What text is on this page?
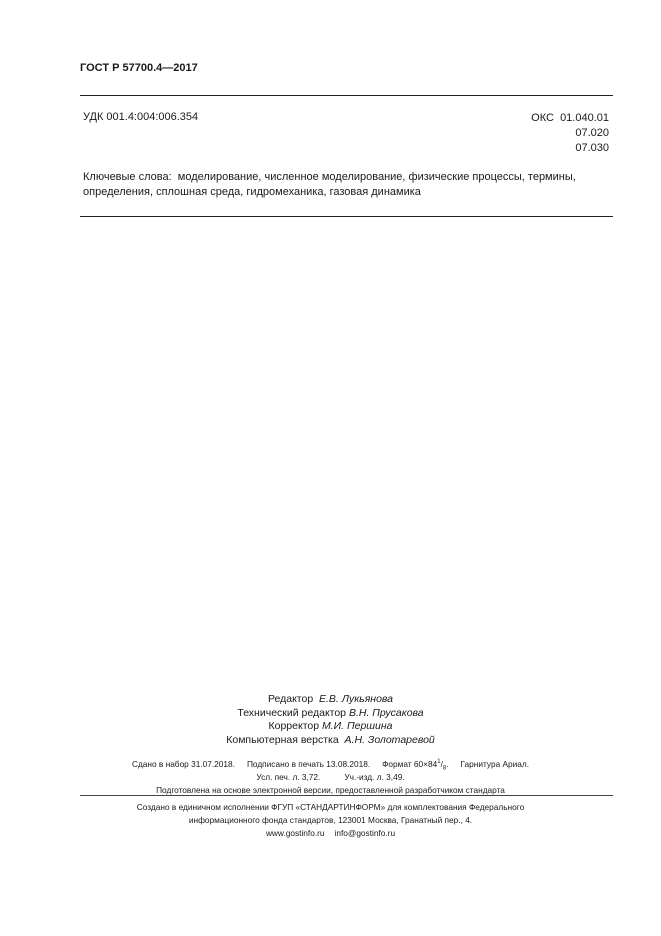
ГОСТ Р 57700.4—2017
УДК 001.4:004:006.354	ОКС 01.040.01
07.020
07.030
Ключевые слова: моделирование, численное моделирование, физические процессы, термины, определения, сплошная среда, гидромеханика, газовая динамика
Редактор Е.В. Лукьянова
Технический редактор В.Н. Прусакова
Корректор М.И. Першина
Компьютерная верстка А.Н. Золотаревой
Сдано в набор 31.07.2018. Подписано в печать 13.08.2018. Формат $60\times 84^1/_8$. Гарнитура Ариал.
Усл. печ. л. 3,72.	Уч.-изд. л. 3,49.
Подготовлена на основе электронной версии, предоставленной разработчиком стандарта
Создано в единичном исполнении ФГУП «СТАНДАРТИНФОРМ» для комплектования Федерального
информационного фонда стандартов, 123001 Москва, Гранатный пер., 4.
www.gostinfo.ru info@gostinfo.ru
